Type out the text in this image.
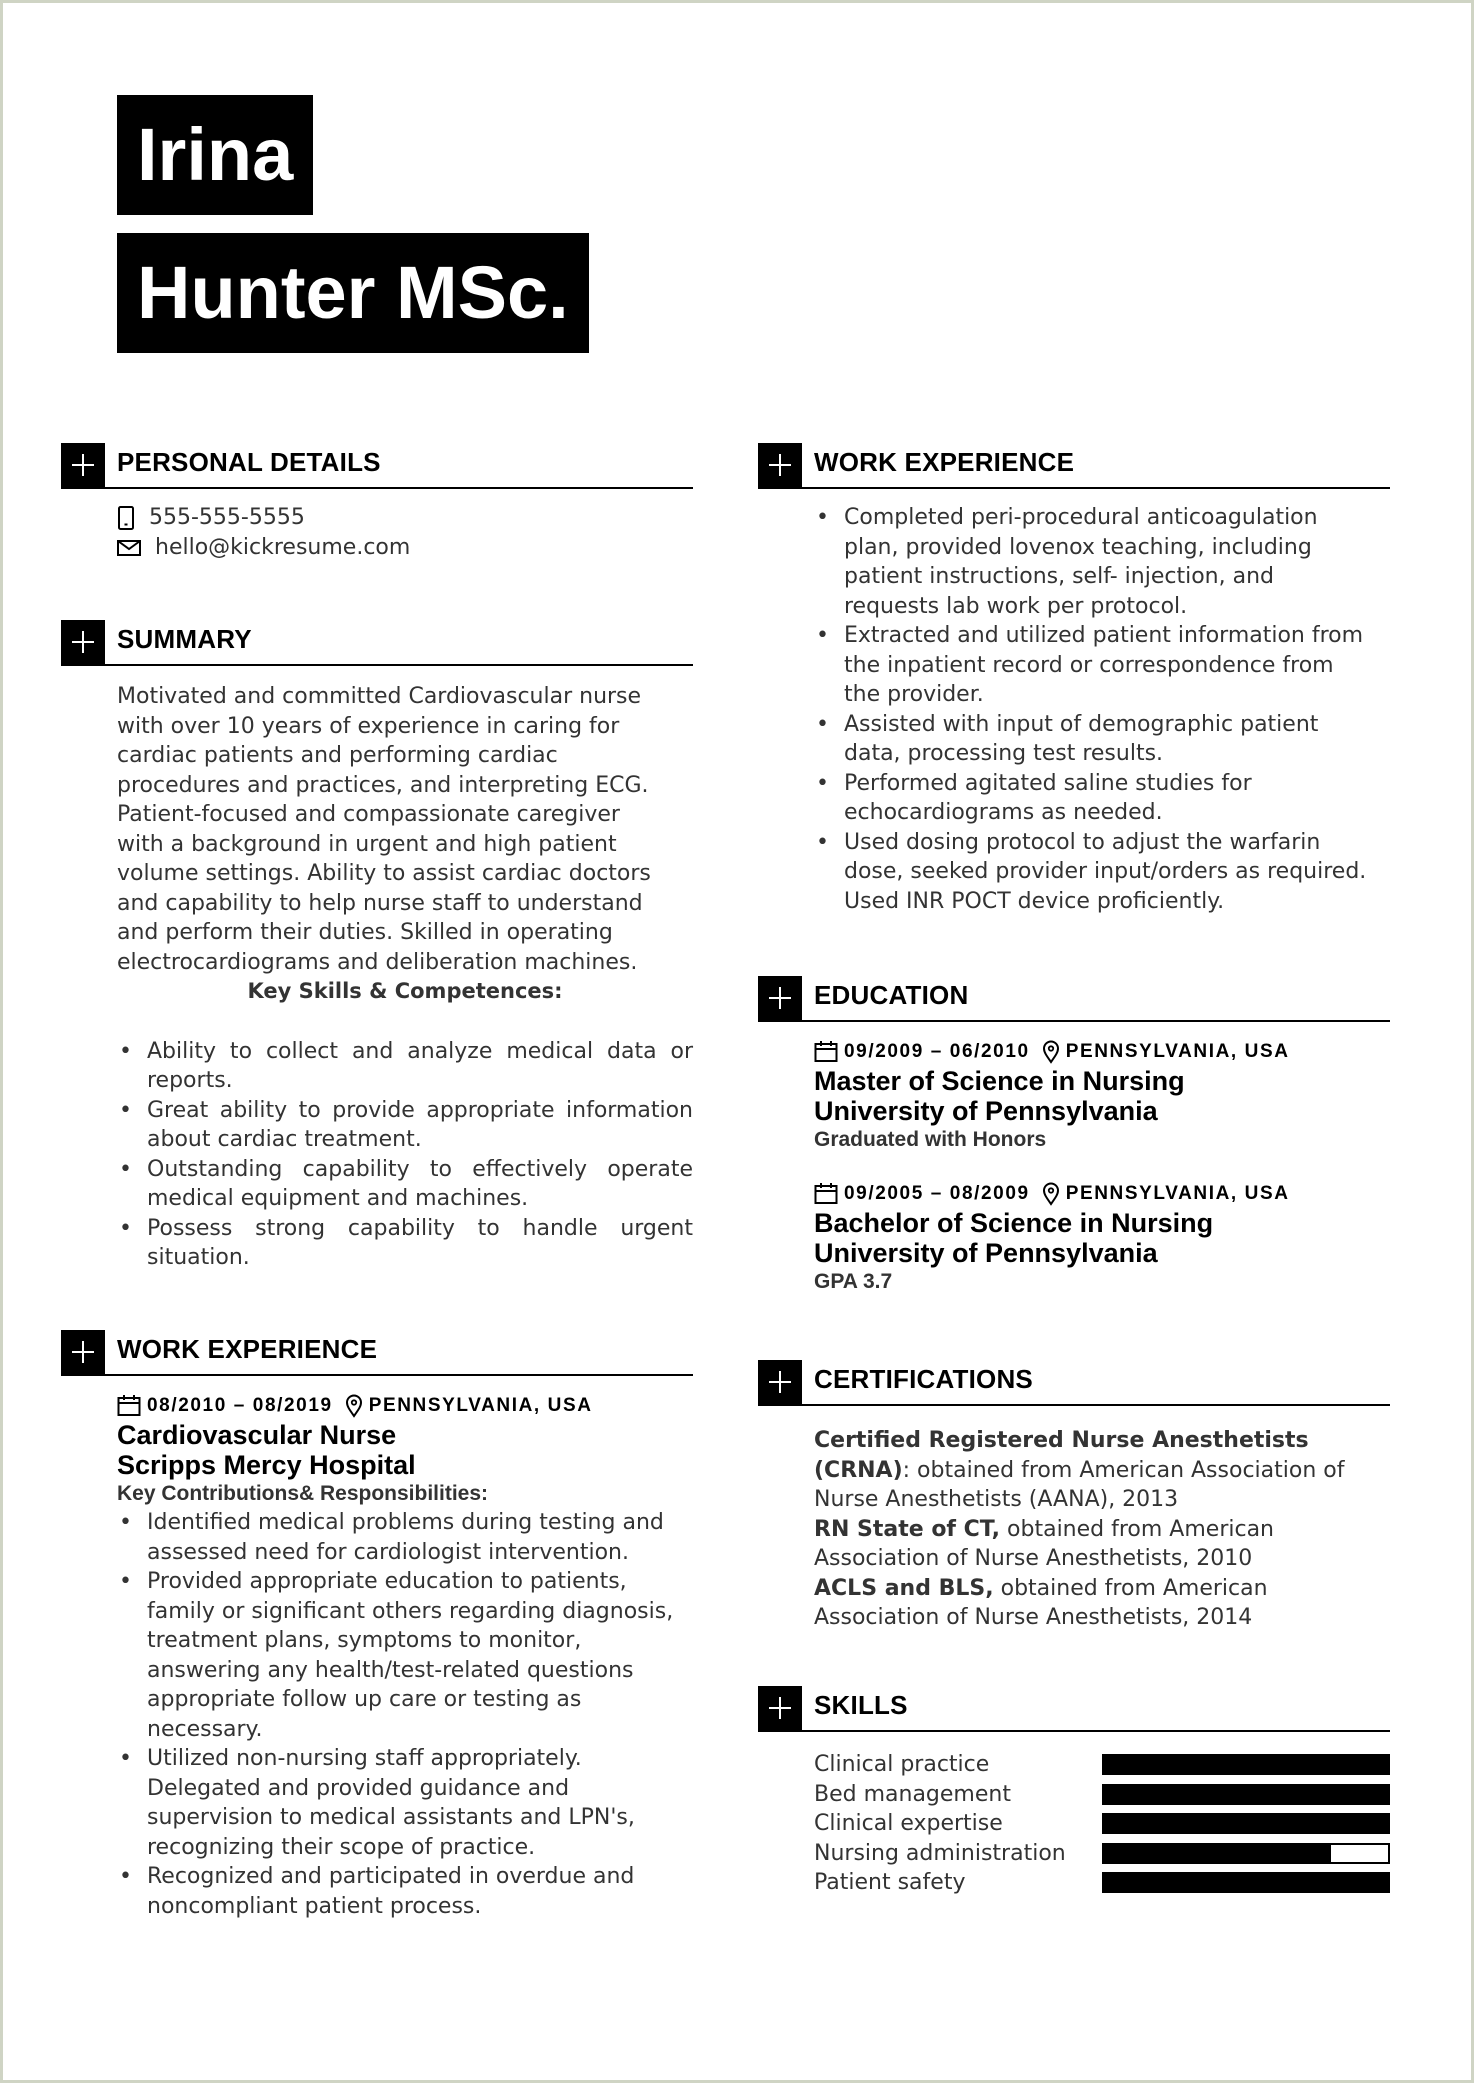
Irina
Hunter MSc.
PERSONAL DETAILS
555-555-5555
hello@kickresume.com
SUMMARY
Motivated and committed Cardiovascular nurse
with over 10 years of experience in caring for
cardiac patients and performing cardiac
procedures and practices, and interpreting ECG.
Patient-focused and compassionate caregiver
with a background in urgent and high patient
volume settings. Ability to assist cardiac doctors
and capability to help nurse staff to understand
and perform their duties. Skilled in operating
electrocardiograms and deliberation machines.
Key Skills & Competences:
• Ability to collect and analyze medical data or reports.
• Great ability to provide appropriate information about cardiac treatment.
• Outstanding capability to effectively operate medical equipment and machines.
• Possess strong capability to handle urgent situation.
WORK EXPERIENCE
08/2010 – 08/2019 PENNSYLVANIA, USA
Cardiovascular Nurse
Scripps Mercy Hospital
Key Contributions& Responsibilities:
• Identified medical problems during testing and assessed need for cardiologist intervention.
• Provided appropriate education to patients, family or significant others regarding diagnosis, treatment plans, symptoms to monitor, answering any health/test-related questions appropriate follow up care or testing as necessary.
• Utilized non-nursing staff appropriately. Delegated and provided guidance and supervision to medical assistants and LPN's, recognizing their scope of practice.
• Recognized and participated in overdue and noncompliant patient process.
WORK EXPERIENCE
• Completed peri-procedural anticoagulation plan, provided lovenox teaching, including patient instructions, self- injection, and requests lab work per protocol.
• Extracted and utilized patient information from the inpatient record or correspondence from the provider.
• Assisted with input of demographic patient data, processing test results.
• Performed agitated saline studies for echocardiograms as needed.
• Used dosing protocol to adjust the warfarin dose, seeked provider input/orders as required. Used INR POCT device proficiently.
EDUCATION
09/2009 – 06/2010 PENNSYLVANIA, USA
Master of Science in Nursing
University of Pennsylvania
Graduated with Honors
09/2005 – 08/2009 PENNSYLVANIA, USA
Bachelor of Science in Nursing
University of Pennsylvania
GPA 3.7
CERTIFICATIONS
Certified Registered Nurse Anesthetists (CRNA): obtained from American Association of Nurse Anesthetists (AANA), 2013
RN State of CT, obtained from American Association of Nurse Anesthetists, 2010
ACLS and BLS, obtained from American Association of Nurse Anesthetists, 2014
SKILLS
Clinical practice
Bed management
Clinical expertise
Nursing administration
Patient safety
